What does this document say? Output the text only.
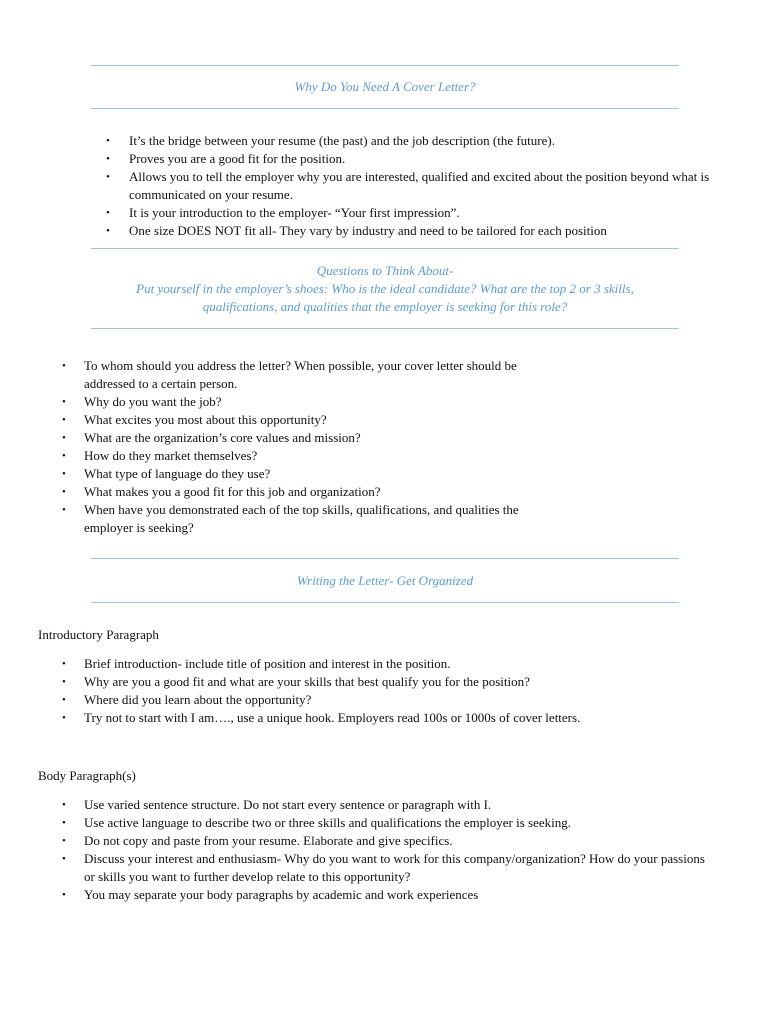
Why Do You Need A Cover Letter?
• It’s the bridge between your resume (the past) and the job description (the future).
• Proves you are a good fit for the position.
• Allows you to tell the employer why you are interested, qualified and excited about the position beyond what is communicated on your resume.
• It is your introduction to the employer- “Your first impression”.
• One size DOES NOT fit all- They vary by industry and need to be tailored for each position
Questions to Think About-
Put yourself in the employer’s shoes: Who is the ideal candidate? What are the top 2 or 3 skills,
qualifications, and qualities that the employer is seeking for this role?
• To whom should you address the letter? When possible, your cover letter should be addressed to a certain person.
• Why do you want the job?
• What excites you most about this opportunity?
• What are the organization’s core values and mission?
• How do they market themselves?
• What type of language do they use?
• What makes you a good fit for this job and organization?
• When have you demonstrated each of the top skills, qualifications, and qualities the employer is seeking?
Writing the Letter- Get Organized
Introductory Paragraph
• Brief introduction- include title of position and interest in the position.
• Why are you a good fit and what are your skills that best qualify you for the position?
• Where did you learn about the opportunity?
• Try not to start with I am…., use a unique hook. Employers read 100s or 1000s of cover letters.
Body Paragraph(s)
• Use varied sentence structure. Do not start every sentence or paragraph with I.
• Use active language to describe two or three skills and qualifications the employer is seeking.
• Do not copy and paste from your resume. Elaborate and give specifics.
• Discuss your interest and enthusiasm- Why do you want to work for this company/organization? How do your passions or skills you want to further develop relate to this opportunity?
• You may separate your body paragraphs by academic and work experiences
